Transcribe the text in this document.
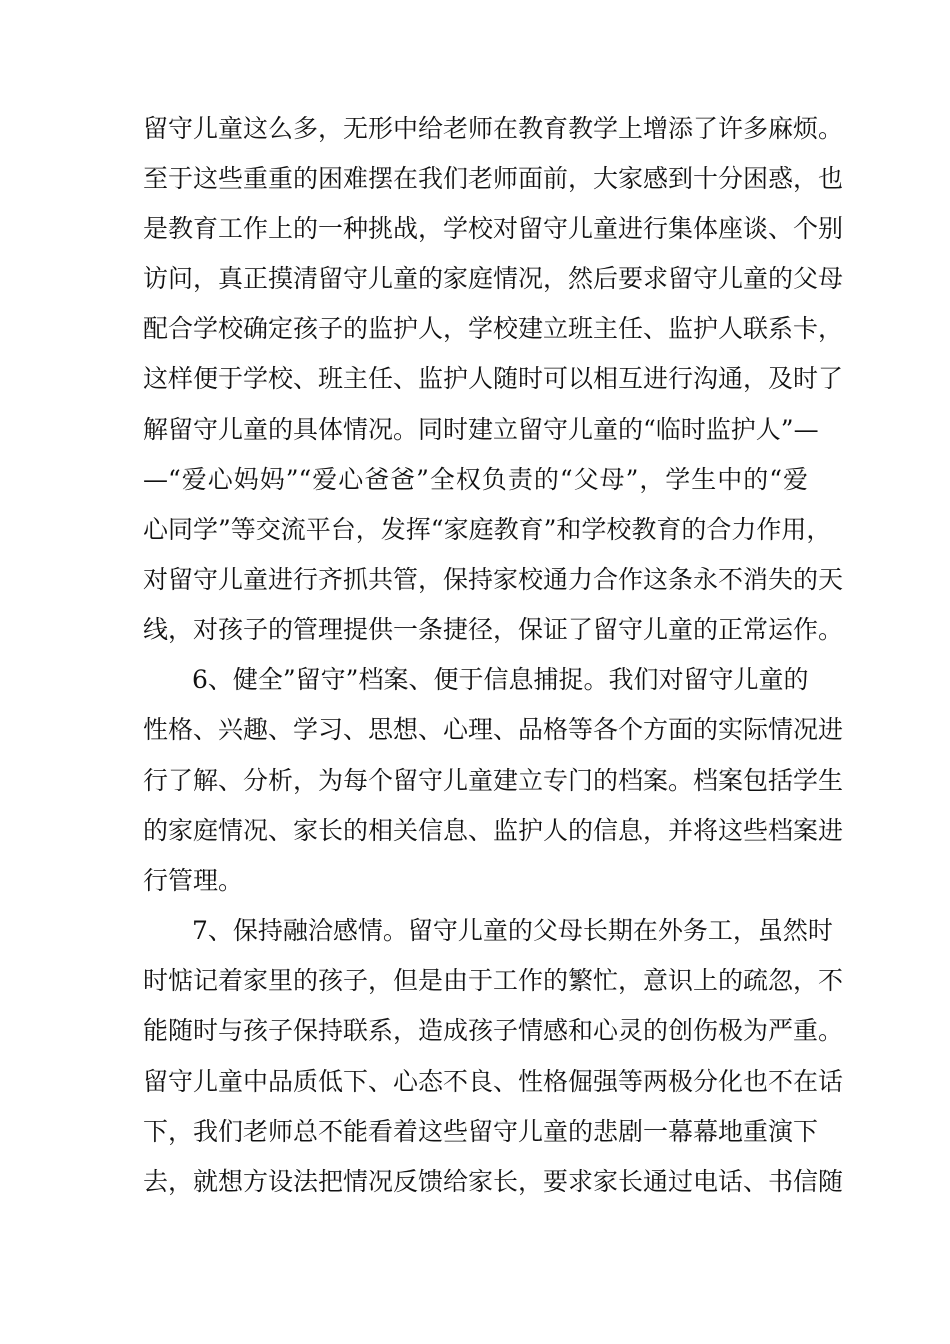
留守儿童这么多，无形中给老师在教育教学上增添了许多麻烦。
至于这些重重的困难摆在我们老师面前，大家感到十分困惑，也
是教育工作上的一种挑战，学校对留守儿童进行集体座谈、个别
访问，真正摸清留守儿童的家庭情况，然后要求留守儿童的父母
配合学校确定孩子的监护人，学校建立班主任、监护人联系卡，
这样便于学校、班主任、监护人随时可以相互进行沟通，及时了
解留守儿童的具体情况。同时建立留守儿童的“临时监护人”—
—“爱心妈妈”“爱心爸爸”全权负责的“父母”，学生中的“爱
心同学”等交流平台，发挥“家庭教育”和学校教育的合力作用，
对留守儿童进行齐抓共管，保持家校通力合作这条永不消失的天
线，对孩子的管理提供一条捷径，保证了留守儿童的正常运作。
6、健全”留守”档案、便于信息捕捉。我们对留守儿童的
性格、兴趣、学习、思想、心理、品格等各个方面的实际情况进
行了解、分析，为每个留守儿童建立专门的档案。档案包括学生
的家庭情况、家长的相关信息、监护人的信息，并将这些档案进
行管理。
7、保持融洽感情。留守儿童的父母长期在外务工，虽然时
时惦记着家里的孩子，但是由于工作的繁忙，意识上的疏忽，不
能随时与孩子保持联系，造成孩子情感和心灵的创伤极为严重。
留守儿童中品质低下、心态不良、性格倔强等两极分化也不在话
下，我们老师总不能看着这些留守儿童的悲剧一幕幕地重演下
去，就想方设法把情况反馈给家长，要求家长通过电话、书信随
